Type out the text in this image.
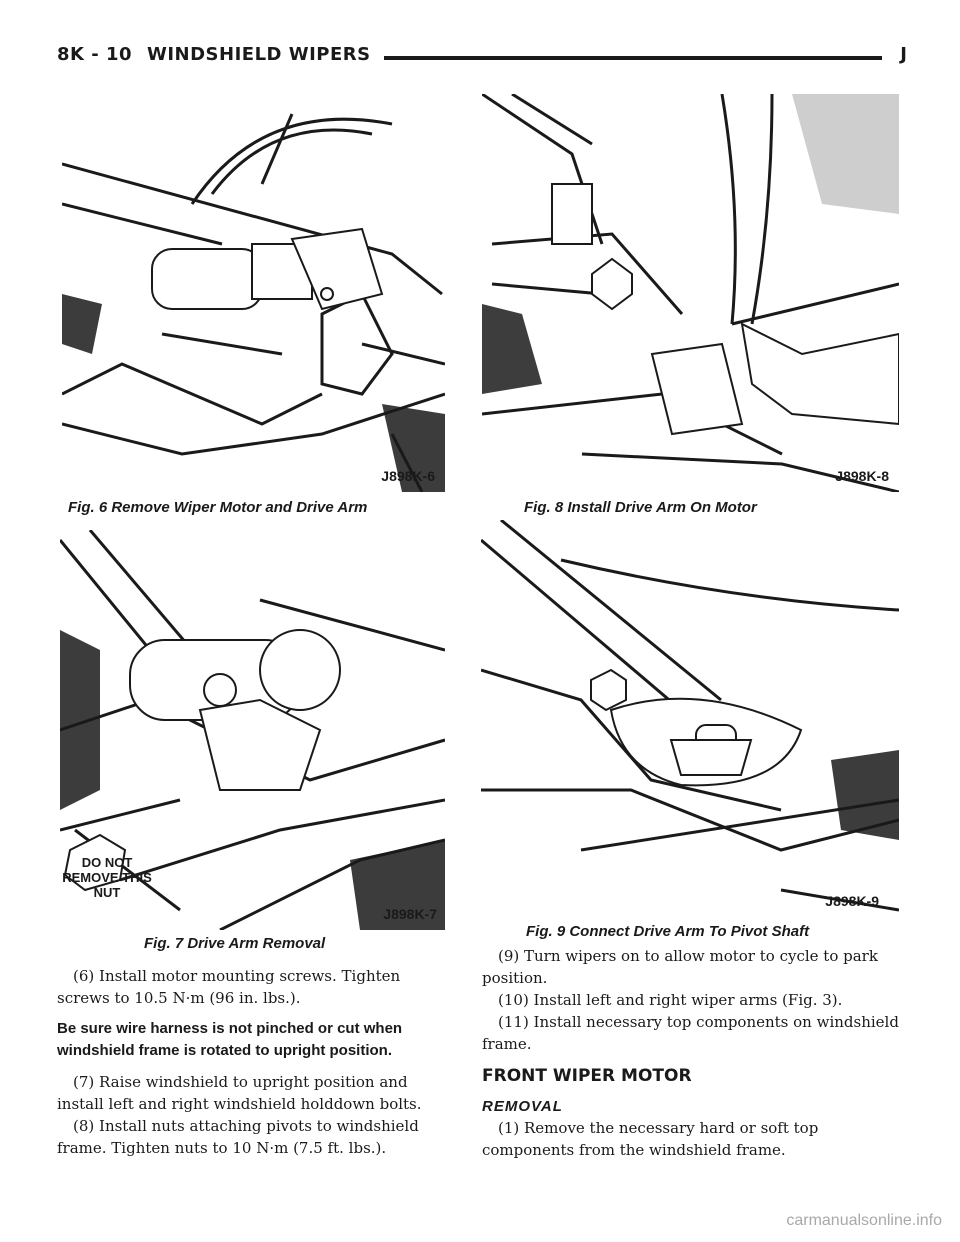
8K - 10 WINDSHIELD WIPERS	J
J898K-6
Fig. 6 Remove Wiper Motor and Drive Arm
J898K-8
Fig. 8 Install Drive Arm On Motor
DO NOT
REMOVE THIS
NUT
J898K-7
Fig. 7 Drive Arm Removal
J898K-9
Fig. 9 Connect Drive Arm To Pivot Shaft

(6) Install motor mounting screws. Tighten screws to 10.5 N·m (96 in. lbs.).

Be sure wire harness is not pinched or cut when windshield frame is rotated to upright position.

(7) Raise windshield to upright position and install left and right windshield holddown bolts.

(8) Install nuts attaching pivots to windshield frame. Tighten nuts to 10 N·m (7.5 ft. lbs.).

(9) Turn wipers on to allow motor to cycle to park position.

(10) Install left and right wiper arms (Fig. 3).

(11) Install necessary top components on windshield frame.

FRONT WIPER MOTOR
REMOVAL

(1) Remove the necessary hard or soft top components from the windshield frame.

carmanualsonline.info
